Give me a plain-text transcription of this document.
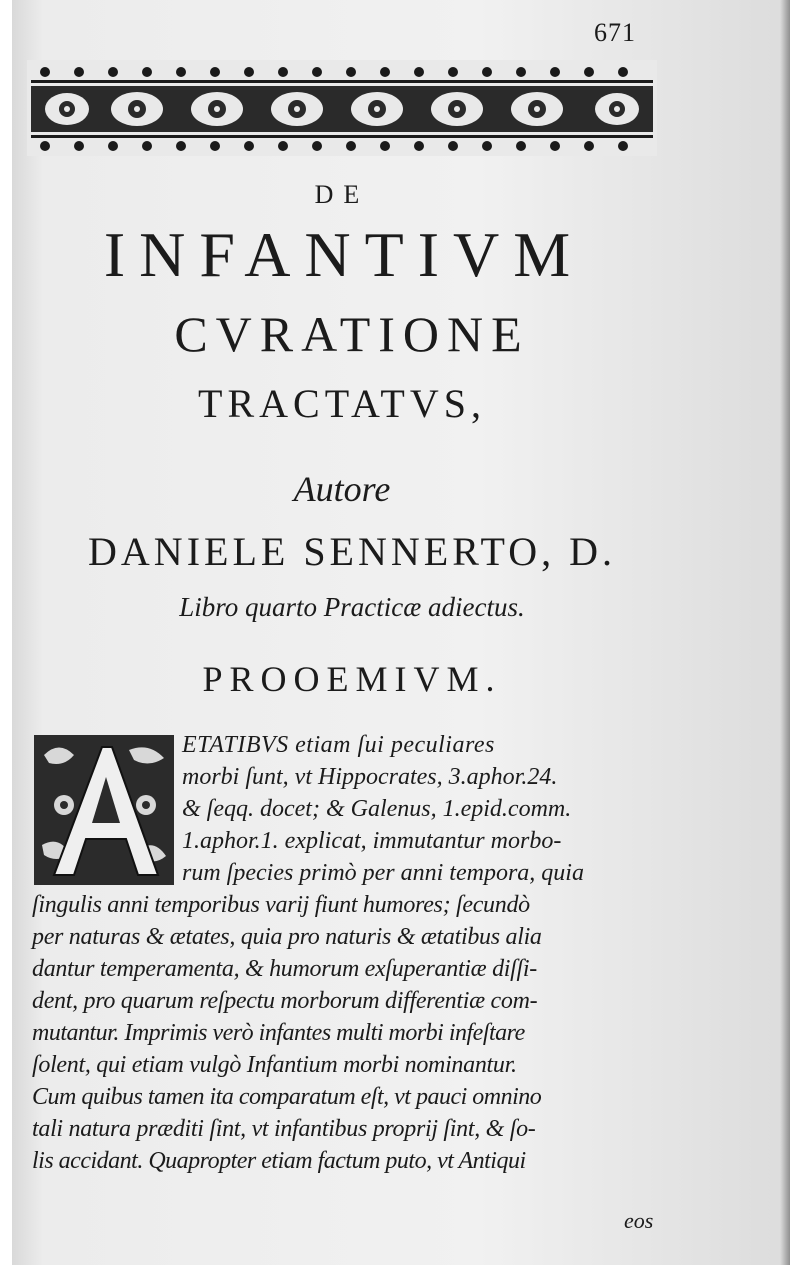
671
DE
INFANTIVM
CVRATIONE
TRACTATVS,
Autore
DANIELE SENNERTO, D.
Libro quarto Practicæ adiectus.
PROOEMIVM.
ETATIBVS etiam ſui peculiares
morbi ſunt, vt Hippocrates, 3.aphor.24.
& ſeqq. docet; & Galenus, 1.epid.comm.
1.aphor.1. explicat, immutantur morbo-
rum ſpecies primò per anni tempora, quia
ſingulis anni temporibus varij fiunt humores; ſecundò
per naturas & ætates, quia pro naturis & ætatibus alia
dantur temperamenta, & humorum exſuperantiæ diſſi-
dent, pro quarum reſpectu morborum differentiæ com-
mutantur. Imprimis verò infantes multi morbi infeſtare
ſolent, qui etiam vulgò Infantium morbi nominantur.
Cum quibus tamen ita comparatum eſt, vt pauci omnino
tali natura præditi ſint, vt infantibus proprij ſint, & ſo-
lis accidant. Quapropter etiam factum puto, vt Antiqui
eos
